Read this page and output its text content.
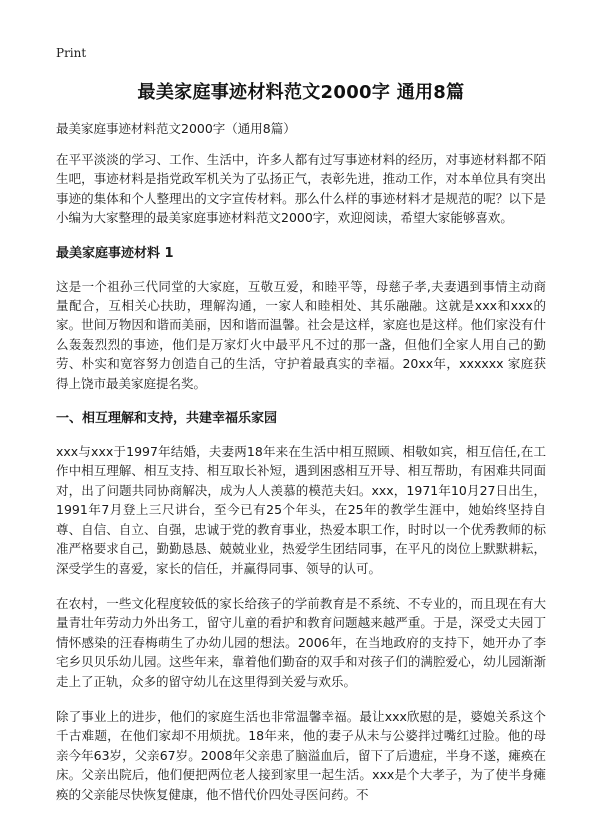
Print
最美家庭事迹材料范文2000字 通用8篇
最美家庭事迹材料范文2000字（通用8篇）

在平平淡淡的学习、工作、生活中，许多人都有过写事迹材料的经历，对事迹材料都不陌生吧，事迹材料是指党政军机关为了弘扬正气，表彰先进，推动工作，对本单位具有突出事迹的集体和个人整理出的文字宣传材料。那么什么样的事迹材料才是规范的呢？以下是小编为大家整理的最美家庭事迹材料范文2000字，欢迎阅读，希望大家能够喜欢。

最美家庭事迹材料 1

这是一个祖孙三代同堂的大家庭，互敬互爱，和睦平等，母慈子孝,夫妻遇到事情主动商量配合，互相关心扶助，理解沟通，一家人和睦相处、其乐融融。这就是xxx和xxx的家。世间万物因和谐而美丽，因和谐而温馨。社会是这样，家庭也是这样。他们家没有什么轰轰烈烈的事迹，他们是万家灯火中最平凡不过的那一盏，但他们全家人用自己的勤劳、朴实和宽容努力创造自己的生活，守护着最真实的幸福。20xx年，xxxxxx 家庭获得上饶市最美家庭提名奖。

一、相互理解和支持，共建幸福乐家园

xxx与xxx于1997年结婚，夫妻两18年来在生活中相互照顾、相敬如宾，相互信任,在工作中相互理解、相互支持、相互取长补短，遇到困惑相互开导、相互帮助，有困难共同面对，出了问题共同协商解决，成为人人羡慕的模范夫妇。xxx，1971年10月27日出生，1991年7月登上三尺讲台，至今已有25个年头，在25年的教学生涯中，她始终坚持自尊、自信、自立、自强，忠诚于党的教育事业，热爱本职工作，时时以一个优秀教师的标准严格要求自己，勤勤恳恳、兢兢业业，热爱学生团结同事，在平凡的岗位上默默耕耘，深受学生的喜爱，家长的信任，并赢得同事、领导的认可。

在农村，一些文化程度较低的家长给孩子的学前教育是不系统、不专业的，而且现在有大量青壮年劳动力外出务工，留守儿童的看护和教育问题越来越严重。于是，深受丈夫园丁情怀感染的汪春梅萌生了办幼儿园的想法。2006年，在当地政府的支持下，她开办了李宅乡贝贝乐幼儿园。这些年来，靠着他们勤奋的双手和对孩子们的满腔爱心，幼儿园渐渐走上了正轨，众多的留守幼儿在这里得到关爱与欢乐。

除了事业上的进步，他们的家庭生活也非常温馨幸福。最让xxx欣慰的是，婆媳关系这个千古难题，在他们家却不用烦扰。18年来，他的妻子从未与公婆拌过嘴红过脸。他的母亲今年63岁，父亲67岁。2008年父亲患了脑溢血后，留下了后遗症，半身不遂，瘫痪在床。父亲出院后，他们便把两位老人接到家里一起生活。xxx是个大孝子，为了使半身瘫痪的父亲能尽快恢复健康，他不惜代价四处寻医问药。不
